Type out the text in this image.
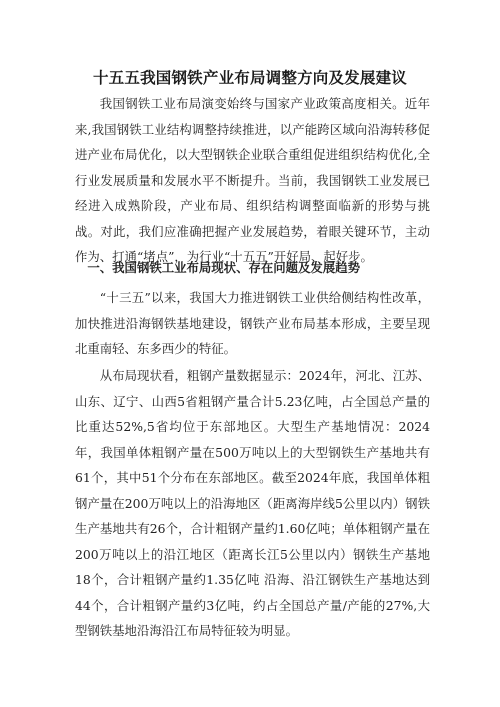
十五五我国钢铁产业布局调整方向及发展建议

我国钢铁工业布局演变始终与国家产业政策高度相关。近年来,我国钢铁工业结构调整持续推进，以产能跨区域向沿海转移促进产业布局优化，以大型钢铁企业联合重组促进组织结构优化,全行业发展质量和发展水平不断提升。当前，我国钢铁工业发展已经进入成熟阶段，产业布局、组织结构调整面临新的形势与挑战。对此，我们应准确把握产业发展趋势，着眼关键环节，主动作为、打通“堵点”，为行业“十五五”开好局、起好步。

一、我国钢铁工业布局现状、存在问题及发展趋势

“十三五”以来，我国大力推进钢铁工业供给侧结构性改革，加快推进沿海钢铁基地建设，钢铁产业布局基本形成，主要呈现北重南轻、东多西少的特征。

从布局现状看，粗钢产量数据显示：2024年，河北、江苏、山东、辽宁、山西5省粗钢产量合计5.23亿吨，占全国总产量的比重达52%,5省均位于东部地区。大型生产基地情况：2024年，我国单体粗钢产量在500万吨以上的大型钢铁生产基地共有61个，其中51个分布在东部地区。截至2024年底，我国单体粗钢产量在200万吨以上的沿海地区（距离海岸线5公里以内）钢铁生产基地共有26个，合计粗钢产量约1.60亿吨；单体粗钢产量在200万吨以上的沿江地区（距离长江5公里以内）钢铁生产基地18个，合计粗钢产量约1.35亿吨 沿海、沿江钢铁生产基地达到44个，合计粗钢产量约3亿吨，约占全国总产量/产能的27%,大型钢铁基地沿海沿江布局特征较为明显。
